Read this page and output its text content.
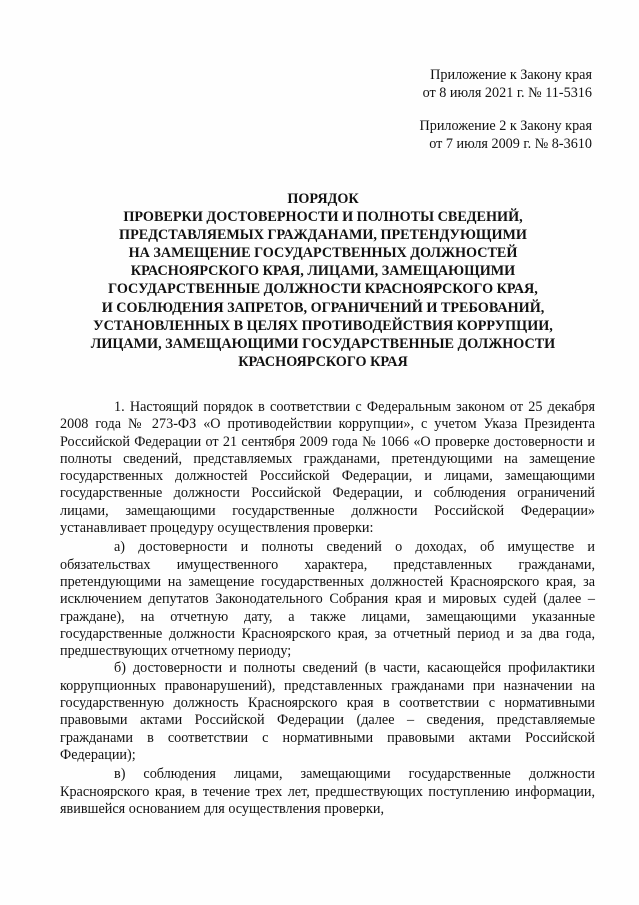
Приложение к Закону края
от 8 июля 2021 г. № 11-5316
Приложение 2 к Закону края
от 7 июля 2009 г. № 8-3610
ПОРЯДОК
ПРОВЕРКИ ДОСТОВЕРНОСТИ И ПОЛНОТЫ СВЕДЕНИЙ,
ПРЕДСТАВЛЯЕМЫХ ГРАЖДАНАМИ, ПРЕТЕНДУЮЩИМИ
НА ЗАМЕЩЕНИЕ ГОСУДАРСТВЕННЫХ ДОЛЖНОСТЕЙ
КРАСНОЯРСКОГО КРАЯ, ЛИЦАМИ, ЗАМЕЩАЮЩИМИ
ГОСУДАРСТВЕННЫЕ ДОЛЖНОСТИ КРАСНОЯРСКОГО КРАЯ,
И СОБЛЮДЕНИЯ ЗАПРЕТОВ, ОГРАНИЧЕНИЙ И ТРЕБОВАНИЙ,
УСТАНОВЛЕННЫХ В ЦЕЛЯХ ПРОТИВОДЕЙСТВИЯ КОРРУПЦИИ,
ЛИЦАМИ, ЗАМЕЩАЮЩИМИ ГОСУДАРСТВЕННЫЕ ДОЛЖНОСТИ
КРАСНОЯРСКОГО КРАЯ

1. Настоящий порядок в соответствии с Федеральным законом от 25 декабря 2008 года № 273-ФЗ «О противодействии коррупции», с учетом Указа Президента Российской Федерации от 21 сентября 2009 года № 1066 «О проверке достоверности и полноты сведений, представляемых гражданами, претендующими на замещение государственных должностей Российской Федерации, и лицами, замещающими государственные должности Российской Федерации, и соблюдения ограничений лицами, замещающими государственные должности Российской Федерации» устанавливает процедуру осуществления проверки:

а) достоверности и полноты сведений о доходах, об имуществе и обязательствах имущественного характера, представленных гражданами, претендующими на замещение государственных должностей Красноярского края, за исключением депутатов Законодательного Собрания края и мировых судей (далее – граждане), на отчетную дату, а также лицами, замещающими указанные государственные должности Красноярского края, за отчетный период и за два года, предшествующих отчетному периоду;

б) достоверности и полноты сведений (в части, касающейся профилактики коррупционных правонарушений), представленных гражданами при назначении на государственную должность Красноярского края в соответствии с нормативными правовыми актами Российской Федерации (далее – сведения, представляемые гражданами в соответствии с нормативными правовыми актами Российской Федерации);

в) соблюдения лицами, замещающими государственные должности Красноярского края, в течение трех лет, предшествующих поступлению информации, явившейся основанием для осуществления проверки,
